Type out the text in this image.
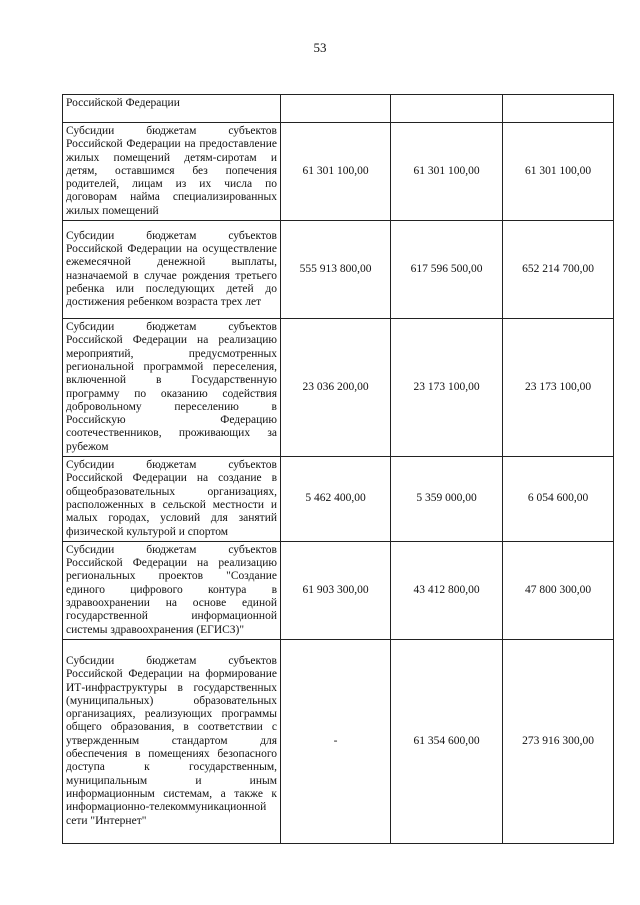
53
Российской Федерации			
Субсидии бюджетам субъектов Российской Федерации на предоставление жилых помещений детям-сиротам и детям, оставшимся без попечения родителей, лицам из их числа по договорам найма специализированных жилых помещений	61 301 100,00	61 301 100,00	61 301 100,00
Субсидии бюджетам субъектов Российской Федерации на осуществление ежемесячной денежной выплаты, назначаемой в случае рождения третьего ребенка или последующих детей до достижения ребенком возраста трех лет	555 913 800,00	617 596 500,00	652 214 700,00
Субсидии бюджетам субъектов Российской Федерации на реализацию мероприятий, предусмотренных региональной программой переселения, включенной в Государственную программу по оказанию содействия добровольному переселению в Российскую Федерацию соотечественников, проживающих за рубежом	23 036 200,00	23 173 100,00	23 173 100,00
Субсидии бюджетам субъектов Российской Федерации на создание в общеобразовательных организациях, расположенных в сельской местности и малых городах, условий для занятий физической культурой и спортом	5 462 400,00	5 359 000,00	6 054 600,00
Субсидии бюджетам субъектов Российской Федерации на реализацию региональных проектов "Создание единого цифрового контура в здравоохранении на основе единой государственной информационной системы здравоохранения (ЕГИСЗ)"	61 903 300,00	43 412 800,00	47 800 300,00
Субсидии бюджетам субъектов Российской Федерации на формирование ИТ-инфраструктуры в государственных (муниципальных) образовательных организациях, реализующих программы общего образования, в соответствии с утвержденным стандартом для обеспечения в помещениях безопасного доступа к государственным, муниципальным и иным информационным системам, а также к информационно-телекоммуникационной сети "Интернет"	-	61 354 600,00	273 916 300,00
